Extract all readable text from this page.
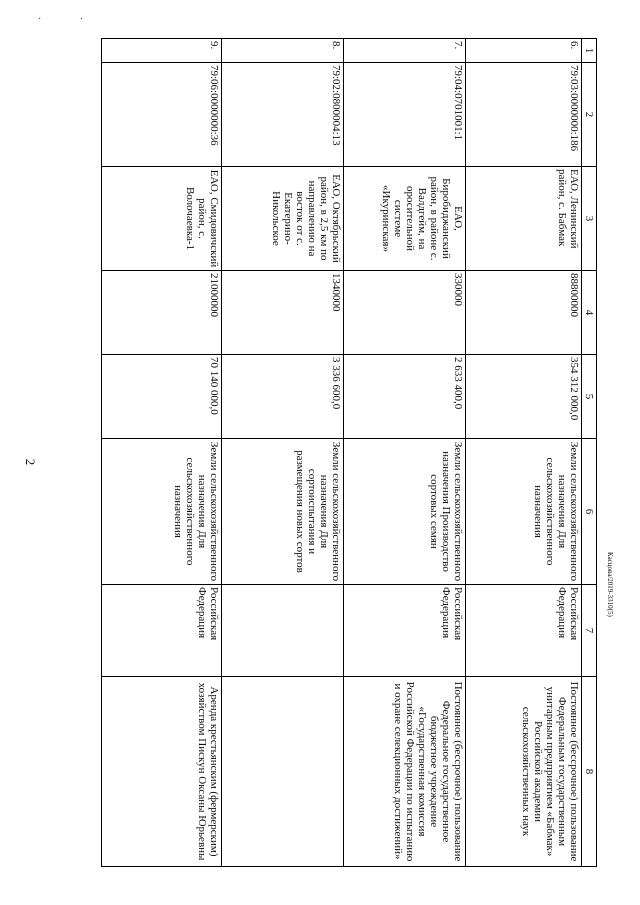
· ·
2
1	2	3	4	5	6	7	8
6.	79:03:0000000:186	ЕАО, Ленинский район, с. Бабмак	88800000	354 312 000,0	Земли сельскохозяйственного назначения Для сельскохозяйственного назначения	Российская Федерация	Постоянное (бессрочное) пользование Федеральным государственным унитарным предприятием «Бабмак» Российской академии сельскохозяйственных наук
7.	79:04:0701001:1	ЕАО, Биробиджанский район, в районе с. Валдгейм, на оросительной системе «Икуринская»	330000	2 633 400,0	Земли сельскохозяйственного назначения Производство сортовых семян	Российская Федерация	Постоянное (бессрочное) пользование Федеральное государственное бюджетное учреждение «Государственная комиссия Российской Федерации по испытанию и охране селекционных достижений»
8.	79:02:0800004:13	ЕАО, Октябрьский район, в 2,5 км по направлению на восток от с. Екатерино-Никольское	1340000	3 336 600,0	Земли сельскохозяйственного назначения Для сортоиспытания и размещения новых сортов		
9.	79:06:0000000:36	ЕАО, Смидовичский район, с. Волочаевка-1	21000000	70 140 000,0	Земли сельскохозяйственного назначения Для сельскохозяйственного назначения	Российская Федерация	Аренда крестьянским (фермерским) хозяйством Пискун Оксаны Юрьевны
Касцова/2019-3310(5)
